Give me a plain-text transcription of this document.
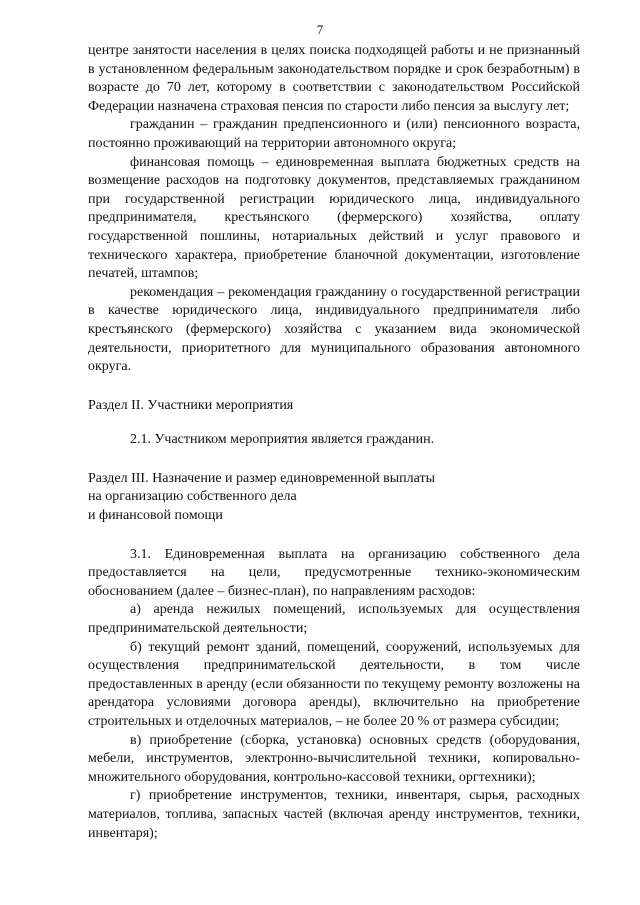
7

центре занятости населения в целях поиска подходящей работы и не признанный в установленном федеральным законодательством порядке и срок безработным) в возрасте до 70 лет, которому в соответствии с законодательством Российской Федерации назначена страховая пенсия по старости либо пенсия за выслугу лет;

гражданин – гражданин предпенсионного и (или) пенсионного возраста, постоянно проживающий на территории автономного округа;

финансовая помощь – единовременная выплата бюджетных средств на возмещение расходов на подготовку документов, представляемых гражданином при государственной регистрации юридического лица, индивидуального предпринимателя, крестьянского (фермерского) хозяйства, оплату государственной пошлины, нотариальных действий и услуг правового и технического характера, приобретение бланочной документации, изготовление печатей, штампов;

рекомендация – рекомендация гражданину о государственной регистрации в качестве юридического лица, индивидуального предпринимателя либо крестьянского (фермерского) хозяйства с указанием вида экономической деятельности, приоритетного для муниципального образования автономного округа.

Раздел II. Участники мероприятия

2.1. Участником мероприятия является гражданин.

Раздел III. Назначение и размер единовременной выплаты

на организацию собственного дела

и финансовой помощи

3.1. Единовременная выплата на организацию собственного дела предоставляется на цели, предусмотренные технико-экономическим обоснованием (далее – бизнес-план), по направлениям расходов:

а) аренда нежилых помещений, используемых для осуществления предпринимательской деятельности;

б) текущий ремонт зданий, помещений, сооружений, используемых для осуществления предпринимательской деятельности, в том числе предоставленных в аренду (если обязанности по текущему ремонту возложены на арендатора условиями договора аренды), включительно на приобретение строительных и отделочных материалов, – не более 20 % от размера субсидии;

в) приобретение (сборка, установка) основных средств (оборудования, мебели, инструментов, электронно-вычислительной техники, копировально-множительного оборудования, контрольно-кассовой техники, оргтехники);

г) приобретение инструментов, техники, инвентаря, сырья, расходных материалов, топлива, запасных частей (включая аренду инструментов, техники, инвентаря);
